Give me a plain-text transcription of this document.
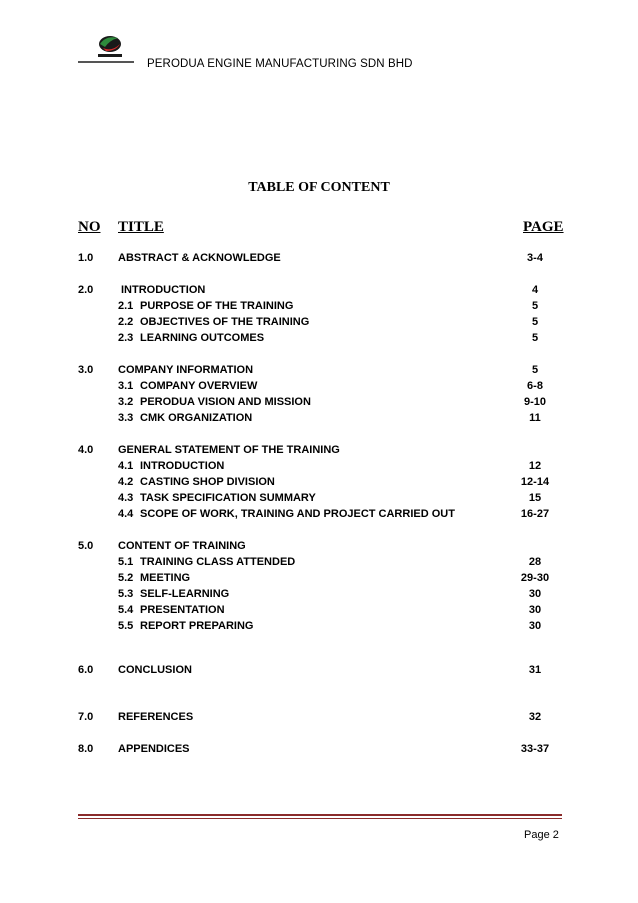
PERODUA ENGINE MANUFACTURING SDN BHD
TABLE OF CONTENT
NO TITLE	PAGE
1.0 ABSTRACT & ACKNOWLEDGE	3-4
2.0	INTRODUCTION	4
2.1 PURPOSE OF THE TRAINING	5
2.2 OBJECTIVES OF THE TRAINING	5
2.3 LEARNING OUTCOMES	5
3.0 COMPANY INFORMATION	5
3.1 COMPANY OVERVIEW	6-8
3.2 PERODUA VISION AND MISSION	9-10
3.3 CMK ORGANIZATION	11
4.0 GENERAL STATEMENT OF THE TRAINING
4.1 INTRODUCTION	12
4.2 CASTING SHOP DIVISION	12-14
4.3 TASK SPECIFICATION SUMMARY	15
4.4 SCOPE OF WORK, TRAINING AND PROJECT CARRIED OUT	16-27
5.0 CONTENT OF TRAINING
5.1 TRAINING CLASS ATTENDED	28
5.2 MEETING	29-30
5.3 SELF-LEARNING	30
5.4 PRESENTATION	30
5.5 REPORT PREPARING	30
6.0 CONCLUSION	31
7.0 REFERENCES	32
8.0 APPENDICES	33-37
Page 2
